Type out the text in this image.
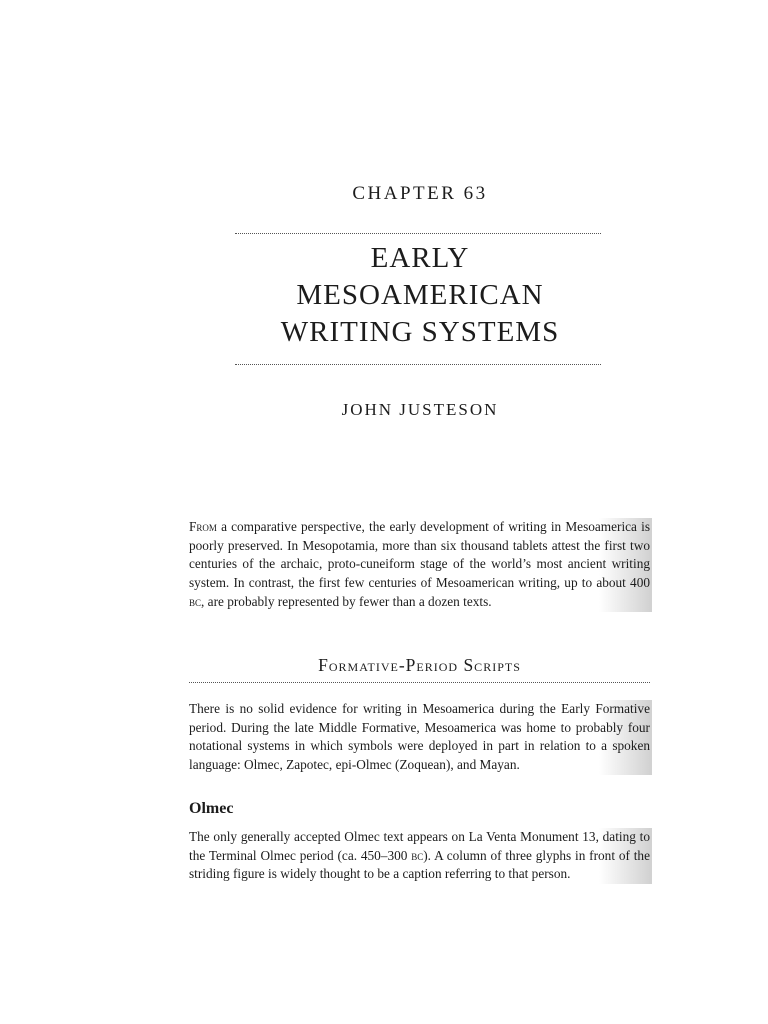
CHAPTER 63
EARLY
MESOAMERICAN
WRITING SYSTEMS
JOHN JUSTESON

From a comparative perspective, the early development of writing in Mesoamerica is poorly preserved. In Mesopotamia, more than six thousand tablets attest the first two centuries of the archaic, proto-cuneiform stage of the world’s most ancient writing system. In contrast, the first few centuries of Mesoamerican writing, up to about 400 bc, are probably represented by fewer than a dozen texts.

Formative-Period Scripts

There is no solid evidence for writing in Mesoamerica during the Early Formative period. During the late Middle Formative, Mesoamerica was home to probably four notational systems in which symbols were deployed in part in relation to a spoken language: Olmec, Zapotec, epi-Olmec (Zoquean), and Mayan.

Olmec

The only generally accepted Olmec text appears on La Venta Monument 13, dating to the Terminal Olmec period (ca. 450–300 bc). A column of three glyphs in front of the striding figure is widely thought to be a caption referring to that person.
